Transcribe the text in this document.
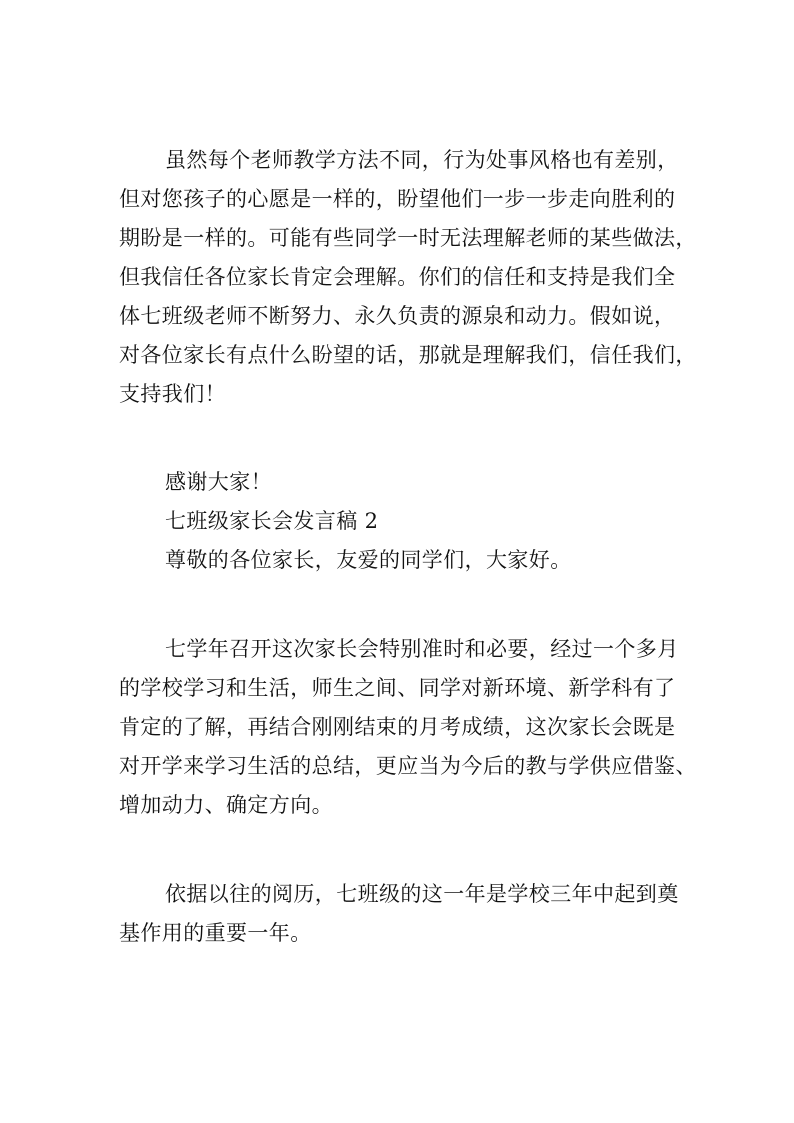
虽然每个老师教学方法不同，行为处事风格也有差别，
但对您孩子的心愿是一样的，盼望他们一步一步走向胜利的
期盼是一样的。可能有些同学一时无法理解老师的某些做法，
但我信任各位家长肯定会理解。你们的信任和支持是我们全
体七班级老师不断努力、永久负责的源泉和动力。假如说，
对各位家长有点什么盼望的话，那就是理解我们，信任我们，
支持我们！
感谢大家！
七班级家长会发言稿 2
尊敬的各位家长，友爱的同学们，大家好。
七学年召开这次家长会特别准时和必要，经过一个多月
的学校学习和生活，师生之间、同学对新环境、新学科有了
肯定的了解，再结合刚刚结束的月考成绩，这次家长会既是
对开学来学习生活的总结，更应当为今后的教与学供应借鉴、
增加动力、确定方向。
依据以往的阅历，七班级的这一年是学校三年中起到奠
基作用的重要一年。
